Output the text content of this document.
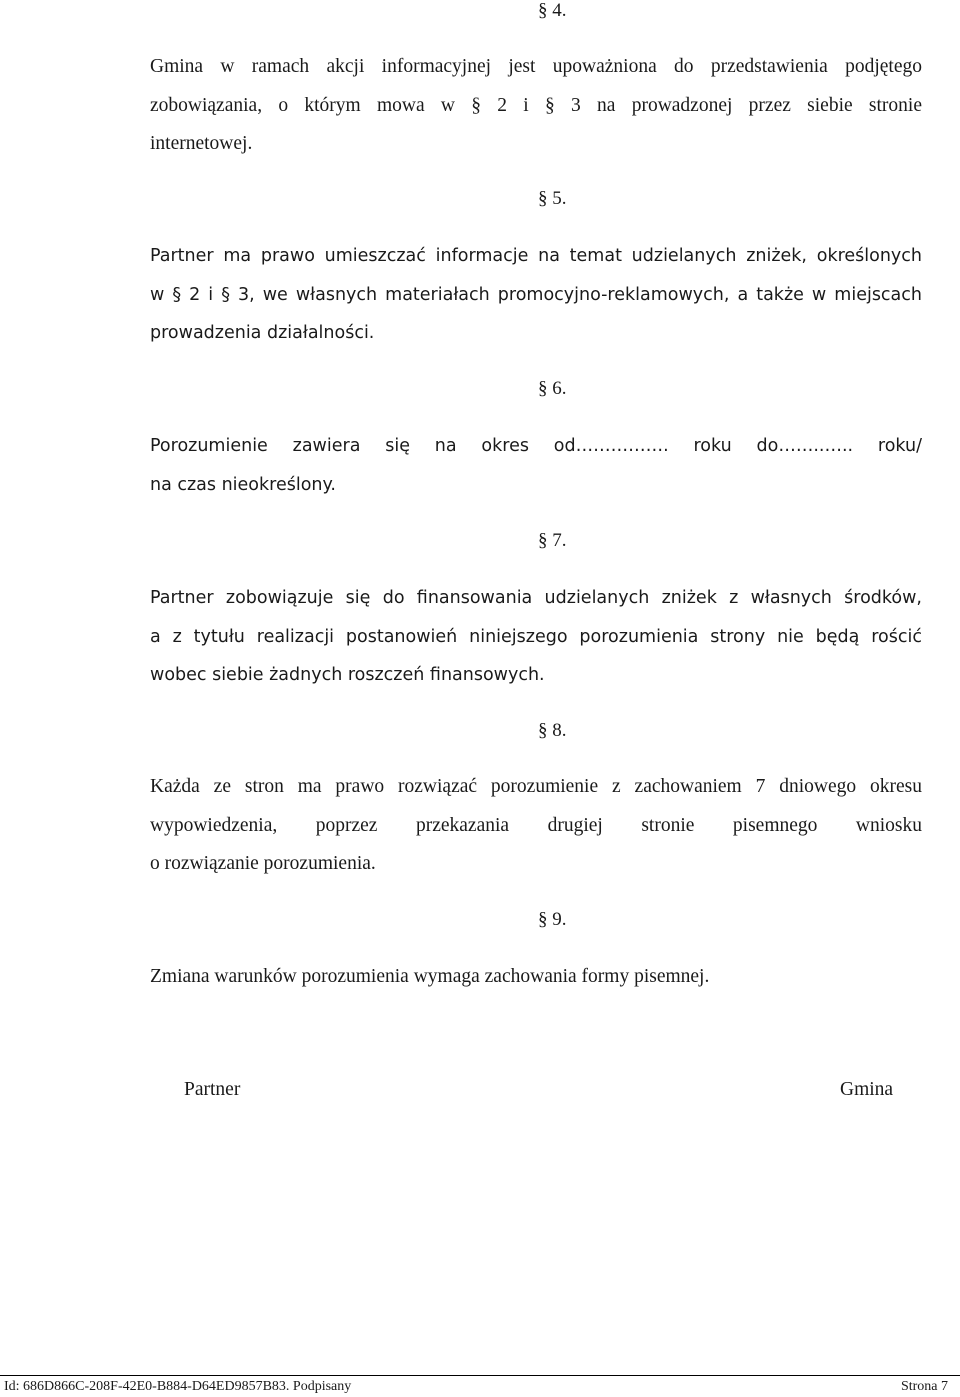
§ 4.
Gmina w ramach akcji informacyjnej jest upoważniona do przedstawienia podjętego
zobowiązania, o którym mowa w § 2 i § 3 na prowadzonej przez siebie stronie
internetowej.
§ 5.
Partner ma prawo umieszczać informacje na temat udzielanych zniżek, określonych
w § 2 i § 3, we własnych materiałach promocyjno-reklamowych, a także w miejscach
prowadzenia działalności.
§ 6.
Porozumienie zawiera się na okres od……………. roku do……..….. roku/
na czas nieokreślony.
§ 7.
Partner zobowiązuje się do finansowania udzielanych zniżek z własnych środków,
a z tytułu realizacji postanowień niniejszego porozumienia strony nie będą rościć
wobec siebie żadnych roszczeń finansowych.
§ 8.
Każda ze stron ma prawo rozwiązać porozumienie z zachowaniem 7 dniowego okresu
wypowiedzenia, poprzez przekazania drugiej stronie pisemnego wniosku
o rozwiązanie porozumienia.
§ 9.
Zmiana warunków porozumienia wymaga zachowania formy pisemnej.
Partner	Gmina
Id: 686D866C-208F-42E0-B884-D64ED9857B83. Podpisany	Strona 7
